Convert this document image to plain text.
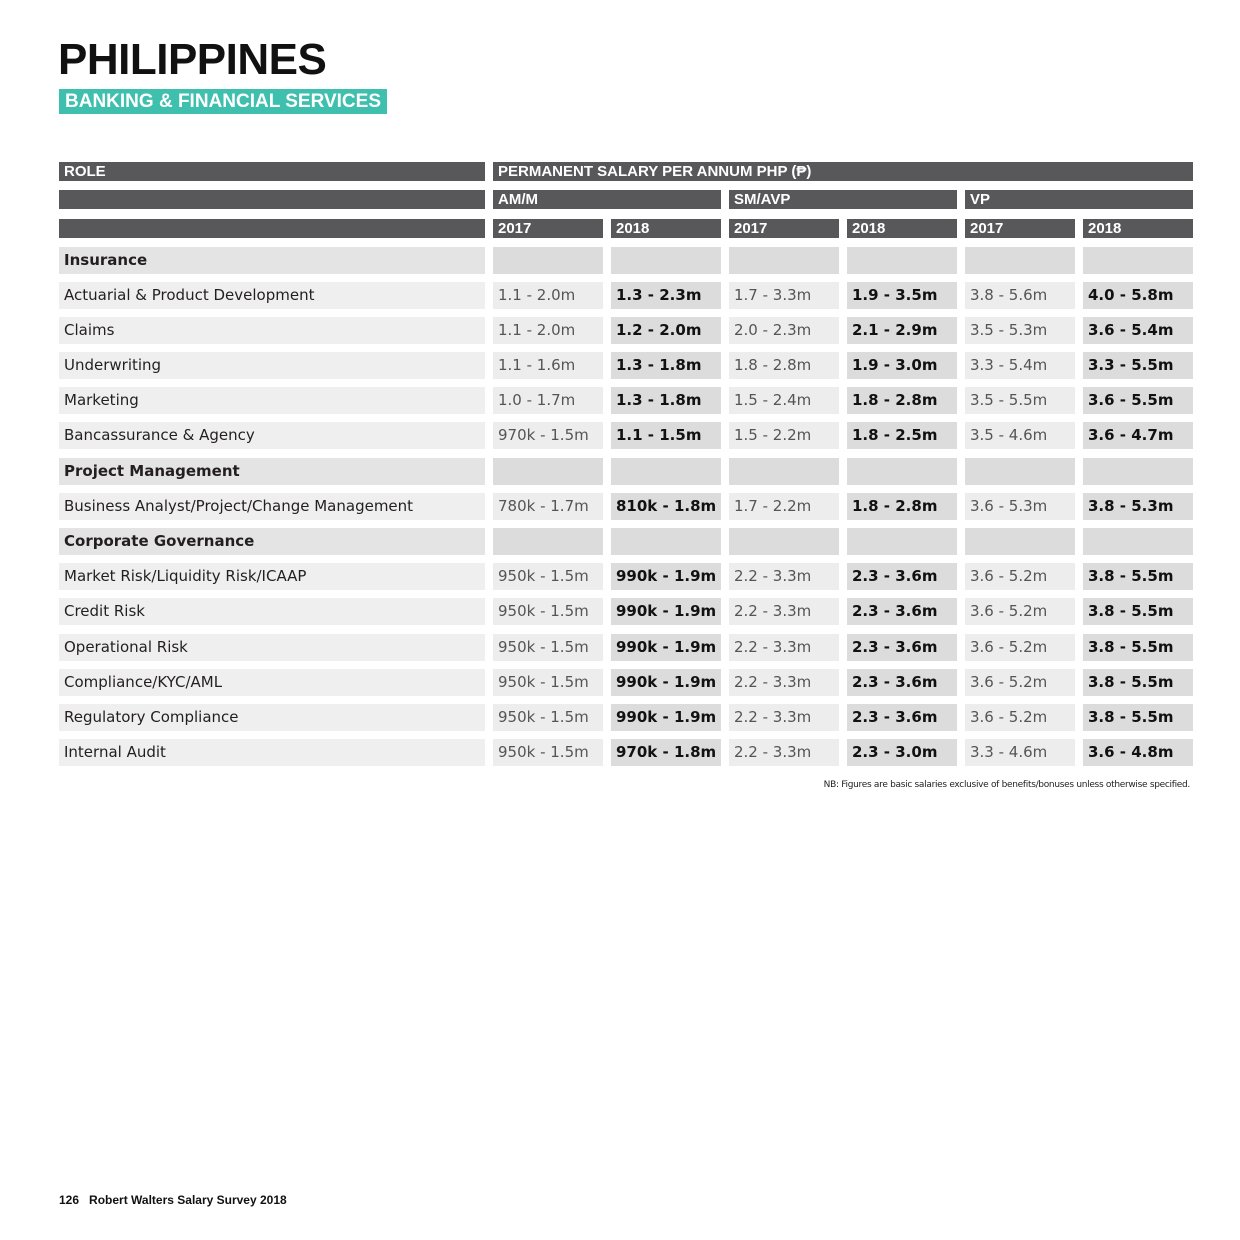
PHILIPPINES
BANKING & FINANCIAL SERVICES
ROLE	PERMANENT SALARY PER ANNUM PHP (₱)
AM/M	SM/AVP	VP
2017	2018	2017	2018	2017	2018
Insurance
Actuarial & Product Development	1.1 - 2.0m	1.3 - 2.3m	1.7 - 3.3m	1.9 - 3.5m	3.8 - 5.6m	4.0 - 5.8m
Claims	1.1 - 2.0m	1.2 - 2.0m	2.0 - 2.3m	2.1 - 2.9m	3.5 - 5.3m	3.6 - 5.4m
Underwriting	1.1 - 1.6m	1.3 - 1.8m	1.8 - 2.8m	1.9 - 3.0m	3.3 - 5.4m	3.3 - 5.5m
Marketing	1.0 - 1.7m	1.3 - 1.8m	1.5 - 2.4m	1.8 - 2.8m	3.5 - 5.5m	3.6 - 5.5m
Bancassurance & Agency	970k - 1.5m	1.1 - 1.5m	1.5 - 2.2m	1.8 - 2.5m	3.5 - 4.6m	3.6 - 4.7m
Project Management
Business Analyst/Project/Change Management	780k - 1.7m	810k - 1.8m	1.7 - 2.2m	1.8 - 2.8m	3.6 - 5.3m	3.8 - 5.3m
Corporate Governance
Market Risk/Liquidity Risk/ICAAP	950k - 1.5m	990k - 1.9m	2.2 - 3.3m	2.3 - 3.6m	3.6 - 5.2m	3.8 - 5.5m
Credit Risk	950k - 1.5m	990k - 1.9m	2.2 - 3.3m	2.3 - 3.6m	3.6 - 5.2m	3.8 - 5.5m
Operational Risk	950k - 1.5m	990k - 1.9m	2.2 - 3.3m	2.3 - 3.6m	3.6 - 5.2m	3.8 - 5.5m
Compliance/KYC/AML	950k - 1.5m	990k - 1.9m	2.2 - 3.3m	2.3 - 3.6m	3.6 - 5.2m	3.8 - 5.5m
Regulatory Compliance	950k - 1.5m	990k - 1.9m	2.2 - 3.3m	2.3 - 3.6m	3.6 - 5.2m	3.8 - 5.5m
Internal Audit	950k - 1.5m	970k - 1.8m	2.2 - 3.3m	2.3 - 3.0m	3.3 - 4.6m	3.6 - 4.8m
NB: Figures are basic salaries exclusive of benefits/bonuses unless otherwise specified.
126 Robert Walters Salary Survey 2018
